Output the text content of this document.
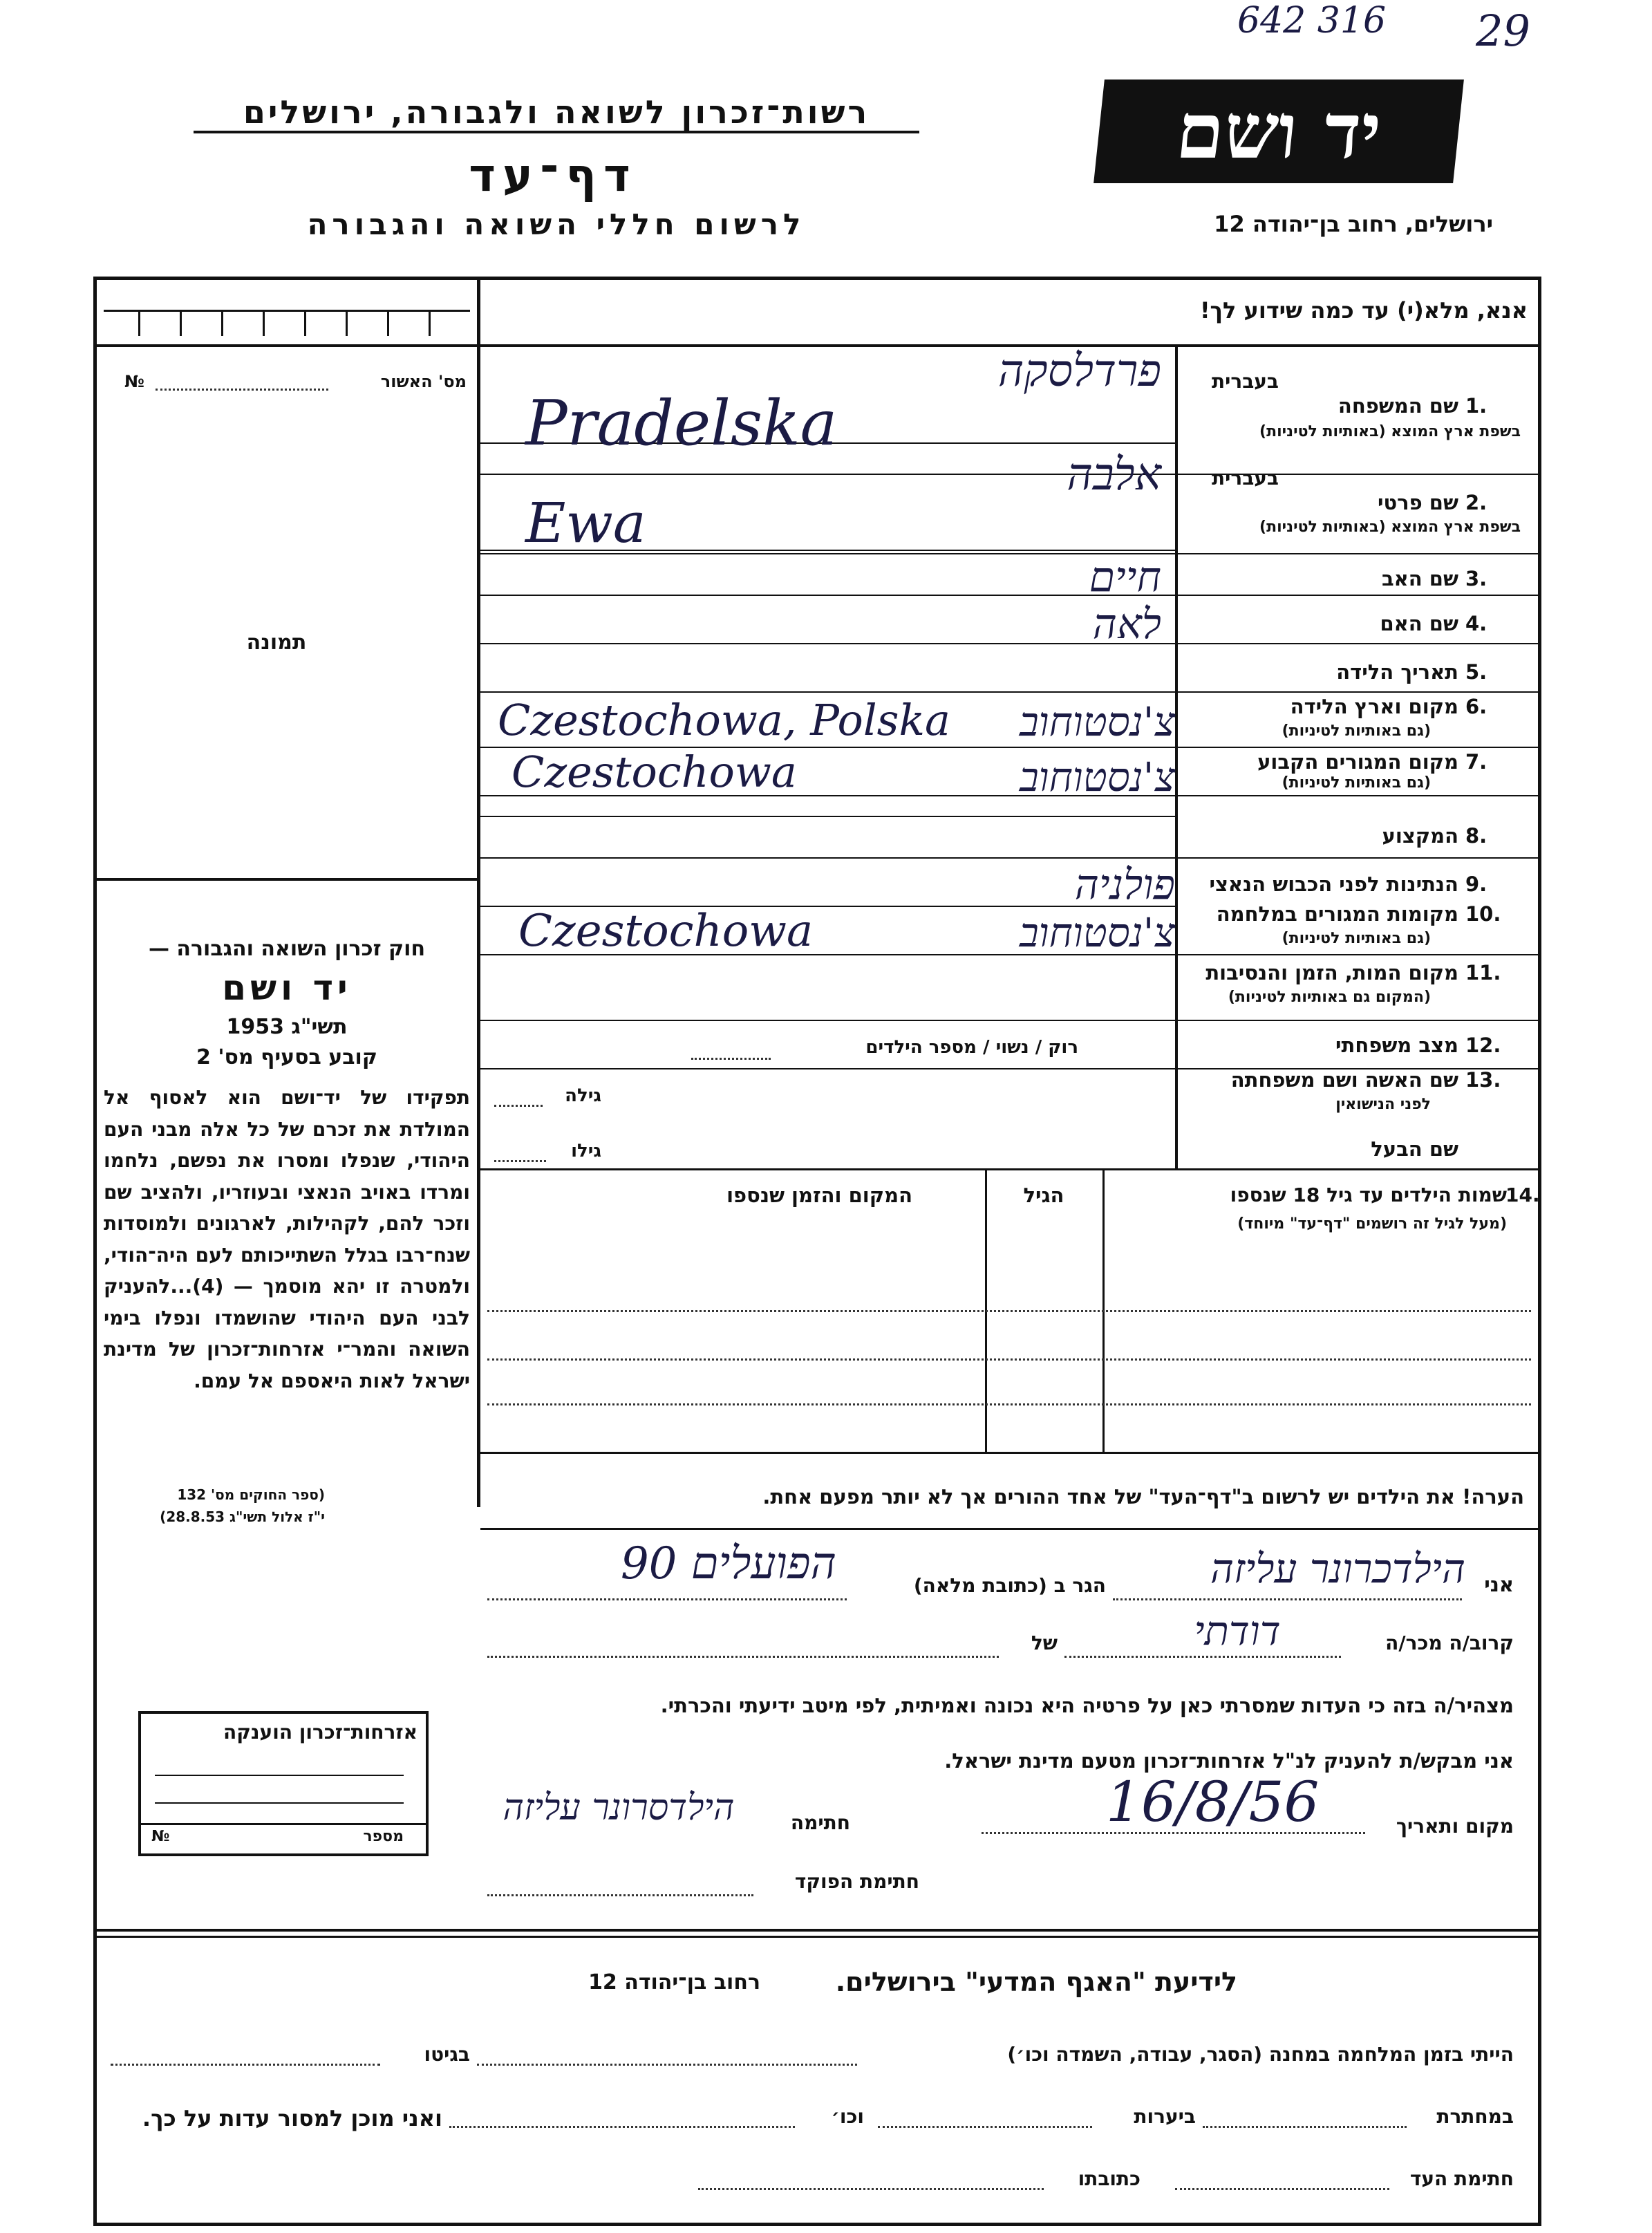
642 316 29
רשות־זכרון לשואה ולגבורה, ירושלים
דף־עד
לרשום חללי השואה והגבורה
יד ושם
ירושלים, רחוב בן־יהודה 12
אנא, מלא(י) עד כמה שידוע לך!
מס' האשור
№
תמונה
חוק זכרון השואה והגבורה —
יד ושם
תשי"ג 1953
קובע בסעיף מס' 2
תפקידו של יד־ושם הוא לאסוף אל המולדת את זכרם של כל אלה מבני העם היהודי, שנפלו ומסרו את נפשם, נלחמו ומרדו באויב הנאצי ובעוזריו, ולהציב שם וזכר להם, לקהילות, לארגונים ולמוסדות שנח־רבו בגלל השתייכותם לעם היה־הודי, ולמטרה זו יהא מוסמך — (4)...להעניק לבני העם היהודי שהושמדו ונפלו בימי השואה והמר־י אזרחות־זכרון של מדינת ישראל לאות היאספם אל עמם.
(ספר החוקים מס' 132
י"ז אלול תשי"ג 28.8.53)
אזרחות־זכרון הוענקה
מספר
№
בעברית
שם המשפחה 1.
בשפת ארץ המוצא (באותיות לטיניות)
פרדלסקה
Pradelska
בעברית
שם פרטי 2.
בשפת ארץ המוצא (באותיות לטיניות)
אלבה
Ewa
שם האב 3.
חיים
שם האם 4.
לאה
תאריך הלידה 5.
מקום וארץ הלידה 6.
(גם באותיות לטיניות)
צ'נסטוחוב
Czestochowa, Polska
מקום המגורים הקבוע 7.
(גם באותיות לטיניות)
צ'נסטוחוב
Czestochowa
המקצוע 8.
הנתינות לפני הכבוש הנאצי 9.
פולניה
מקומות המגורים במלחמה 10.
(גם באותיות לטיניות)
צ'נסטוחוב
Czestochowa
מקום המות, הזמן והנסיבות 11.
(המקום גם באותיות לטיניות)
מצב משפחתי 12.
רוק / נשוי / מספר הילדים
שם האשה ושם משפחתה 13.
לפני הנישואין
גילה
שם הבעל
גילו
שמות הילדים עד גיל 18 שנספו
14.
(מעל לגיל זה רושמים "דף־עד" מיוחד)
הגיל
המקום והזמן שנספו
הערה! את הילדים יש לרשום ב"דף־העד" של אחד ההורים אך לא יותר מפעם אחת.
אני
הילדכרונר עליזה
הגר ב (כתובת מלאה)
הפועלים 90
קרוב/ה מכר/ה
דודתי
של
מצהיר/ה בזה כי העדות שמסרתי כאן על פרטיה היא נכונה ואמיתית, לפי מיטב ידיעתי והכרתי.
אני מבקש/ת להעניק לנ"ל אזרחות־זכרון מטעם מדינת ישראל.
מקום ותאריך
16/8/56
חתימה
הילדסרונר עליזה
חתימת הפוקד
לידיעת "האגף המדעי" בירושלים.
רחוב בן־יהודה 12
הייתי בזמן המלחמה במחנה (הסגר, עבודה, השמדה וכו׳)
בגיטו
במחתרת
ביערות
וכו׳
ואני מוכן למסור עדות על כך.
חתימת העד
כתובתו
